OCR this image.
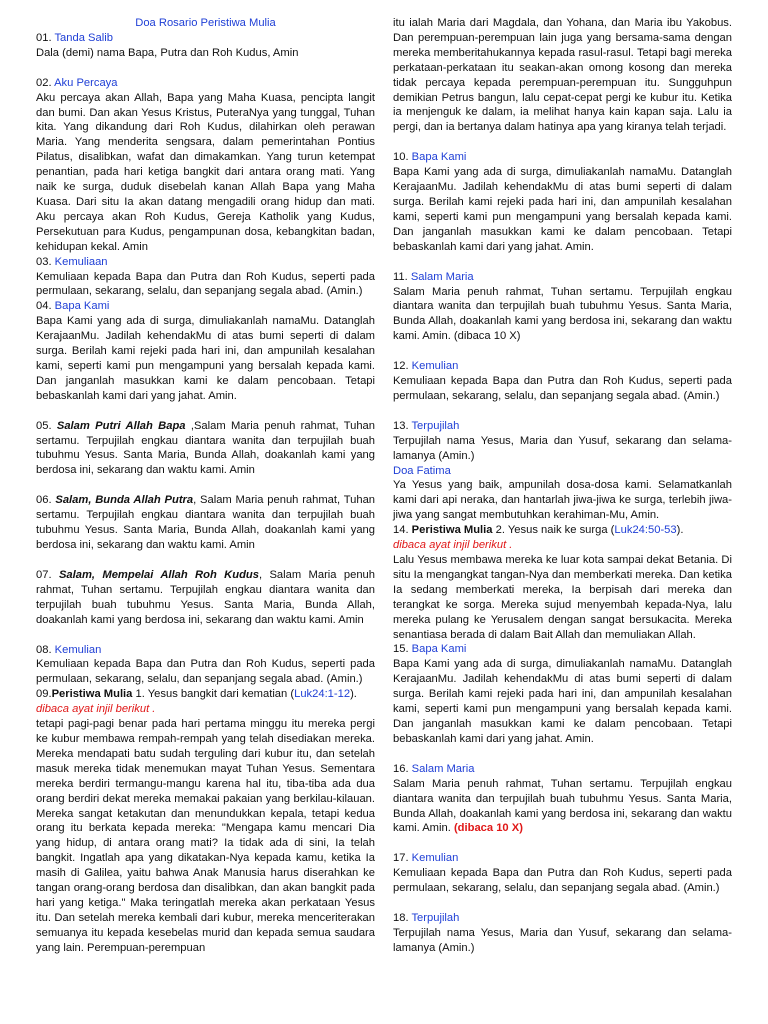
Doa Rosario Peristiwa Mulia

01. Tanda Salib

Dala (demi) nama Bapa, Putra dan Roh Kudus, Amin

02. Aku Percaya

Aku percaya akan Allah, Bapa yang Maha Kuasa, pencipta langit dan bumi. Dan akan Yesus Kristus, PuteraNya yang tunggal, Tuhan kita. Yang dikandung dari Roh Kudus, dilahirkan oleh perawan Maria. Yang menderita sengsara, dalam pemerintahan Pontius Pilatus, disalibkan, wafat dan dimakamkan. Yang turun ketempat penantian, pada hari ketiga bangkit dari antara orang mati. Yang naik ke surga, duduk disebelah kanan Allah Bapa yang Maha Kuasa. Dari situ Ia akan datang mengadili orang hidup dan mati. Aku percaya akan Roh Kudus, Gereja Katholik yang Kudus, Persekutuan para Kudus, pengampunan dosa, kebangkitan badan, kehidupan kekal. Amin

03. Kemuliaan

Kemuliaan kepada Bapa dan Putra dan Roh Kudus, seperti pada permulaan, sekarang, selalu, dan sepanjang segala abad. (Amin.)

04. Bapa Kami

Bapa Kami yang ada di surga, dimuliakanlah namaMu. Datanglah KerajaanMu. Jadilah kehendakMu di atas bumi seperti di dalam surga. Berilah kami rejeki pada hari ini, dan ampunilah kesalahan kami, seperti kami pun mengampuni yang bersalah kepada kami. Dan janganlah masukkan kami ke dalam pencobaan. Tetapi bebaskanlah kami dari yang jahat. Amin.

05. Salam Putri Allah Bapa ,Salam Maria penuh rahmat, Tuhan sertamu. Terpujilah engkau diantara wanita dan terpujilah buah tubuhmu Yesus. Santa Maria, Bunda Allah, doakanlah kami yang berdosa ini, sekarang dan waktu kami. Amin

06. Salam, Bunda Allah Putra, Salam Maria penuh rahmat, Tuhan sertamu. Terpujilah engkau diantara wanita dan terpujilah buah tubuhmu Yesus. Santa Maria, Bunda Allah, doakanlah kami yang berdosa ini, sekarang dan waktu kami. Amin

07. Salam, Mempelai Allah Roh Kudus, Salam Maria penuh rahmat, Tuhan sertamu. Terpujilah engkau diantara wanita dan terpujilah buah tubuhmu Yesus. Santa Maria, Bunda Allah, doakanlah kami yang berdosa ini, sekarang dan waktu kami. Amin

08. Kemulian

Kemuliaan kepada Bapa dan Putra dan Roh Kudus, seperti pada permulaan, sekarang, selalu, dan sepanjang segala abad. (Amin.)

09.Peristiwa Mulia 1. Yesus bangkit dari kematian (Luk24:1-12).

dibaca ayat injil berikut .

tetapi pagi-pagi benar pada hari pertama minggu itu mereka pergi ke kubur membawa rempah-rempah yang telah disediakan mereka. Mereka mendapati batu sudah terguling dari kubur itu, dan setelah masuk mereka tidak menemukan mayat Tuhan Yesus. Sementara mereka berdiri termangu-mangu karena hal itu, tiba-tiba ada dua orang berdiri dekat mereka memakai pakaian yang berkilau-kilauan. Mereka sangat ketakutan dan menundukkan kepala, tetapi kedua orang itu berkata kepada mereka: "Mengapa kamu mencari Dia yang hidup, di antara orang mati? Ia tidak ada di sini, Ia telah bangkit. Ingatlah apa yang dikatakan-Nya kepada kamu, ketika Ia masih di Galilea, yaitu bahwa Anak Manusia harus diserahkan ke tangan orang-orang berdosa dan disalibkan, dan akan bangkit pada hari yang ketiga." Maka teringatlah mereka akan perkataan Yesus itu. Dan setelah mereka kembali dari kubur, mereka menceriterakan semuanya itu kepada kesebelas murid dan kepada semua saudara yang lain. Perempuan-perempuan

itu ialah Maria dari Magdala, dan Yohana, dan Maria ibu Yakobus. Dan perempuan-perempuan lain juga yang bersama-sama dengan mereka memberitahukannya kepada rasul-rasul. Tetapi bagi mereka perkataan-perkataan itu seakan-akan omong kosong dan mereka tidak percaya kepada perempuan-perempuan itu. Sungguhpun demikian Petrus bangun, lalu cepat-cepat pergi ke kubur itu. Ketika ia menjenguk ke dalam, ia melihat hanya kain kapan saja. Lalu ia pergi, dan ia bertanya dalam hatinya apa yang kiranya telah terjadi.

10. Bapa Kami

Bapa Kami yang ada di surga, dimuliakanlah namaMu. Datanglah KerajaanMu. Jadilah kehendakMu di atas bumi seperti di dalam surga. Berilah kami rejeki pada hari ini, dan ampunilah kesalahan kami, seperti kami pun mengampuni yang bersalah kepada kami. Dan janganlah masukkan kami ke dalam pencobaan. Tetapi bebaskanlah kami dari yang jahat. Amin.

11. Salam Maria

Salam Maria penuh rahmat, Tuhan sertamu. Terpujilah engkau diantara wanita dan terpujilah buah tubuhmu Yesus. Santa Maria, Bunda Allah, doakanlah kami yang berdosa ini, sekarang dan waktu kami. Amin. (dibaca 10 X)

12. Kemulian

Kemuliaan kepada Bapa dan Putra dan Roh Kudus, seperti pada permulaan, sekarang, selalu, dan sepanjang segala abad. (Amin.)

13. Terpujilah

Terpujilah nama Yesus, Maria dan Yusuf, sekarang dan selama-lamanya (Amin.)

Doa Fatima

Ya Yesus yang baik, ampunilah dosa-dosa kami. Selamatkanlah kami dari api neraka, dan hantarlah jiwa-jiwa ke surga, terlebih jiwa-jiwa yang sangat membutuhkan kerahiman-Mu, Amin.

14. Peristiwa Mulia 2. Yesus naik ke surga (Luk24:50-53).

dibaca ayat injil berikut .

Lalu Yesus membawa mereka ke luar kota sampai dekat Betania. Di situ Ia mengangkat tangan-Nya dan memberkati mereka. Dan ketika Ia sedang memberkati mereka, Ia berpisah dari mereka dan terangkat ke sorga. Mereka sujud menyembah kepada-Nya, lalu mereka pulang ke Yerusalem dengan sangat bersukacita. Mereka senantiasa berada di dalam Bait Allah dan memuliakan Allah.

15. Bapa Kami

Bapa Kami yang ada di surga, dimuliakanlah namaMu. Datanglah KerajaanMu. Jadilah kehendakMu di atas bumi seperti di dalam surga. Berilah kami rejeki pada hari ini, dan ampunilah kesalahan kami, seperti kami pun mengampuni yang bersalah kepada kami. Dan janganlah masukkan kami ke dalam pencobaan. Tetapi bebaskanlah kami dari yang jahat. Amin.

16. Salam Maria

Salam Maria penuh rahmat, Tuhan sertamu. Terpujilah engkau diantara wanita dan terpujilah buah tubuhmu Yesus. Santa Maria, Bunda Allah, doakanlah kami yang berdosa ini, sekarang dan waktu kami. Amin. (dibaca 10 X)

17. Kemulian

Kemuliaan kepada Bapa dan Putra dan Roh Kudus, seperti pada permulaan, sekarang, selalu, dan sepanjang segala abad. (Amin.)

18. Terpujilah

Terpujilah nama Yesus, Maria dan Yusuf, sekarang dan selama-lamanya (Amin.)
